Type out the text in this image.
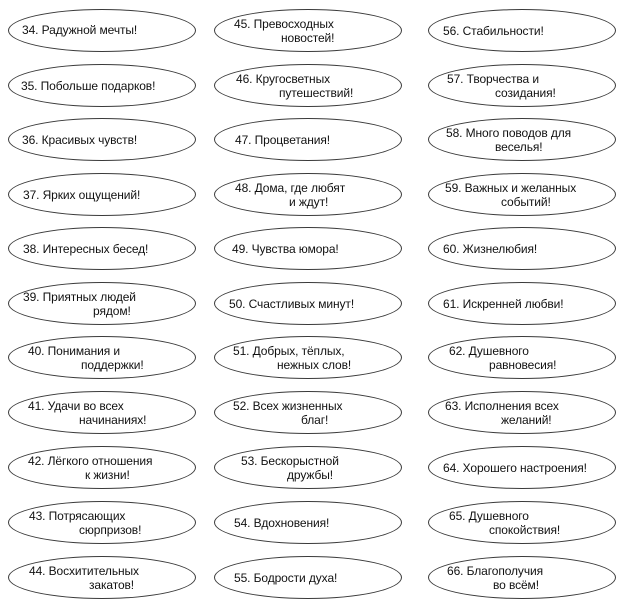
34. Радужной мечты!
35. Побольше подарков!
36. Красивых чувств!
37. Ярких ощущений!
38. Интересных бесед!
39. Приятных людей
рядом!
40. Понимания и
поддержки!
41. Удачи во всех
начинаниях!
42. Лёгкого отношения
к жизни!
43. Потрясающих
сюрпризов!
44. Восхитительных
закатов!
45. Превосходных
новостей!
46. Кругосветных
путешествий!
47. Процветания!
48. Дома, где любят
и ждут!
49. Чувства юмора!
50. Счастливых минут!
51. Добрых, тёплых,
нежных слов!
52. Всех жизненных
благ!
53. Бескорыстной
дружбы!
54. Вдохновения!
55. Бодрости духа!
56. Стабильности!
57. Творчества и
созидания!
58. Много поводов для
веселья!
59. Важных и желанных
событий!
60. Жизнелюбия!
61. Искренней любви!
62. Душевного
равновесия!
63. Исполнения всех
желаний!
64. Хорошего настроения!
65. Душевного
спокойствия!
66. Благополучия
во всём!
